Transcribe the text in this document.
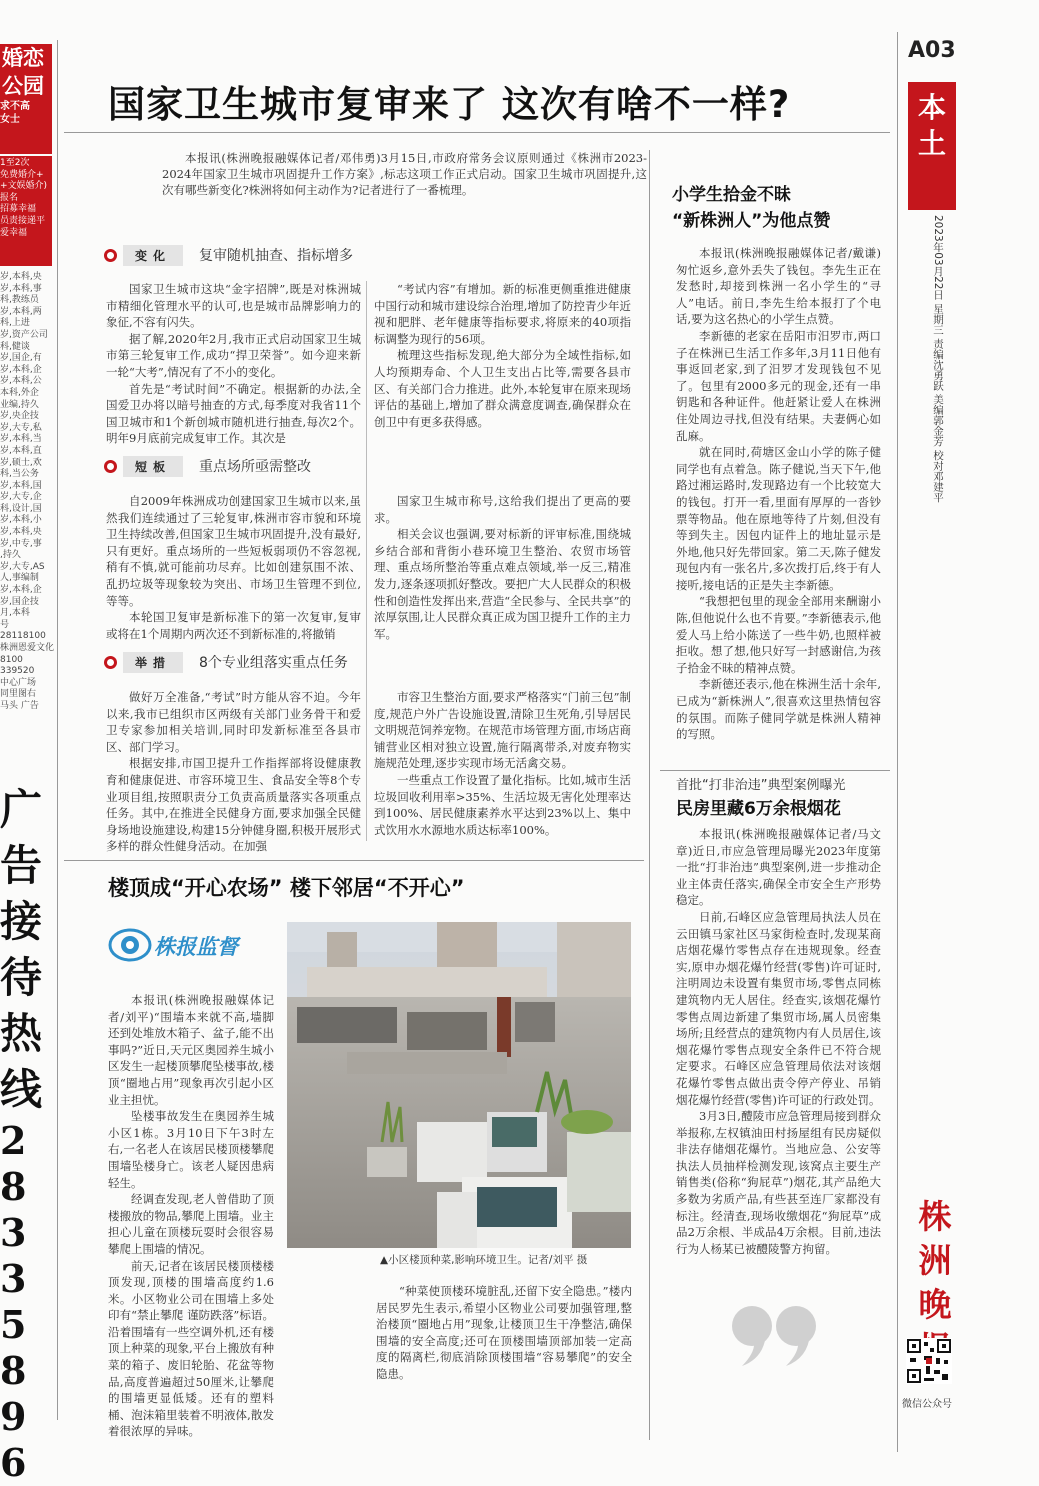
婚恋
公园
求不高
女士
1至2次
免费婚介+
+文娱婚介)
报名
招募幸福
员责接递平
爱幸福
岁,本科,央
岁,本科,事
科,教练员
岁,本科,两
科,上进
岁,资产公司
科,健谈
岁,国企,有
岁,本科,企
岁,本科,公
本科,外企
业编,持久
岁,央企技
岁,大专,私
岁,本科,当
岁,本科,直
岁,硕士,欢
科,当公务
岁,本科,国
岁,大专,企
科,设计,国
岁,本科,小
岁,本科,央
岁,中专,事
,持久
岁,大专,AS
人,事编制
岁,本科,企
岁,国企技
月,本科
号
28118100
株洲恩爱文化
8100
339520
中心广场
同里图右
马头 广告
广
告
接
待
热
线
28335896
A03
本土
2023年03月22日 星期三 责编沈勇跃 美编郭金芳 校对邓建平
株洲晚
微信公众号
国家卫生城市复审来了 这次有啥不一样?

本报讯(株洲晚报融媒体记者/邓伟勇)3月15日,市政府常务会议原则通过《株洲市2023-2024年国家卫生城市巩固提升工作方案》,标志这项工作正式启动。国家卫生城市巩固提升,这次有哪些新变化?株洲将如何主动作为?记者进行了一番梳理。

变化	复审随机抽查、指标增多

国家卫生城市这块“金字招牌”,既是对株洲城市精细化管理水平的认可,也是城市品牌影响力的象征,不容有闪失。

据了解,2020年2月,我市正式启动国家卫生城市第三轮复审工作,成功“捍卫荣誉”。如今迎来新一轮“大考”,情况有了不小的变化。

首先是“考试时间”不确定。根据新的办法,全国爱卫办将以暗号抽查的方式,每季度对我省11个国卫城市和1个新创城市随机进行抽查,每次2个。明年9月底前完成复审工作。其次是

“考试内容”有增加。新的标准更侧重推进健康中国行动和城市建设综合治理,增加了防控青少年近视和肥胖、老年健康等指标要求,将原来的40项指标调整为现行的56项。

梳理这些指标发现,绝大部分为全域性指标,如人均预期寿命、个人卫生支出占比等,需要各县市区、有关部门合力推进。此外,本轮复审在原来现场评估的基础上,增加了群众满意度调查,确保群众在创卫中有更多获得感。

短板	重点场所亟需整改

自2009年株洲成功创建国家卫生城市以来,虽然我们连续通过了三轮复审,株洲市容市貌和环境卫生持续改善,但国家卫生城市巩固提升,没有最好,只有更好。重点场所的一些短板弱项仍不容忽视,稍有不慎,就可能前功尽弃。比如创建氛围不浓、乱扔垃圾等现象较为突出、市场卫生管理不到位,等等。

本轮国卫复审是新标准下的第一次复审,复审或将在1个周期内两次还不到新标准的,将撤销

国家卫生城市称号,这给我们提出了更高的要求。

相关会议也强调,要对标新的评审标准,围绕城乡结合部和背街小巷环境卫生整治、农贸市场管理、重点场所整治等重点难点领域,举一反三,精准发力,逐条逐项抓好整改。要把广大人民群众的积极性和创造性发挥出来,营造“全民参与、全民共享”的浓厚氛围,让人民群众真正成为国卫提升工作的主力军。

举措	8个专业组落实重点任务

做好万全准备,“考试”时方能从容不迫。今年以来,我市已组织市区两级有关部门业务骨干和爱卫专家参加相关培训,同时印发新标准至各县市区、部门学习。

根据安排,市国卫提升工作指挥部将设健康教育和健康促进、市容环境卫生、食品安全等8个专业项目组,按照职责分工负责高质量落实各项重点任务。其中,在推进全民健身方面,要求加强全民健身场地设施建设,构建15分钟健身圈,积极开展形式多样的群众性健身活动。在加强

市容卫生整治方面,要求严格落实“门前三包”制度,规范户外广告设施设置,清除卫生死角,引导居民文明规范饲养宠物。在规范市场管理方面,市场店商铺营业区相对独立设置,施行隔离带杀,对废弃物实施规范处理,逐步实现市场无活禽交易。

一些重点工作设置了量化指标。比如,城市生活垃圾回收利用率>35%、生活垃圾无害化处理率达到100%、居民健康素养水平达到23%以上、集中式饮用水水源地水质达标率100%。

楼顶成“开心农场” 楼下邻居“不开心”
株报监督

本报讯(株洲晚报融媒体记者/刘平)“围墙本来就不高,墙脚还到处堆放木箱子、盆子,能不出事吗?”近日,天元区奥园养生城小区发生一起楼顶攀爬坠楼事故,楼顶“圈地占用”现象再次引起小区业主担忧。

坠楼事故发生在奥园养生城小区1栋。3月10日下午3时左右,一名老人在该居民楼顶楼攀爬围墙坠楼身亡。该老人疑因患病轻生。

经调查发现,老人曾借助了顶楼搬放的物品,攀爬上围墙。业主担心儿童在顶楼玩耍时会很容易攀爬上围墙的情况。

前天,记者在该居民楼顶楼楼顶发现,顶楼的围墙高度约1.6米。小区物业公司在围墙上多处印有“禁止攀爬 谨防跌落”标语。沿着围墙有一些空调外机,还有楼顶上种菜的现象,平台上搬放有种菜的箱子、废旧轮胎、花盆等物品,高度普遍超过50厘米,让攀爬的围墙更显低矮。还有的塑料桶、泡沫箱里装着不明液体,散发着很浓厚的异味。

“种菜使顶楼环境脏乱,还留下安全隐患。”楼内居民罗先生表示,希望小区物业公司要加强管理,整治楼顶“圈地占用”现象,让楼顶卫生干净整洁,确保围墙的安全高度;还可在顶楼围墙顶部加装一定高度的隔离栏,彻底消除顶楼围墙“容易攀爬”的安全隐患。

▲小区楼顶种菜,影响环境卫生。记者/刘平 摄
小学生拾金不昧
“新株洲人”为他点赞

本报讯(株洲晚报融媒体记者/戴谦)匆忙返乡,意外丢失了钱包。李先生正在发愁时,却接到株洲一名小学生的“寻人”电话。前日,李先生给本报打了个电话,要为这名热心的小学生点赞。

李新德的老家在岳阳市汨罗市,两口子在株洲已生活工作多年,3月11日他有事返回老家,到了汨罗才发现钱包不见了。包里有2000多元的现金,还有一串钥匙和各种证件。他赶紧让爱人在株洲住处周边寻找,但没有结果。夫妻俩心如乱麻。

就在同时,荷塘区金山小学的陈子健同学也有点着急。陈子健说,当天下午,他路过湘运路时,发现路边有一个比较宽大的钱包。打开一看,里面有厚厚的一沓钞票等物品。他在原地等待了片刻,但没有等到失主。因包内证件上的地址显示是外地,他只好先带回家。第二天,陈子健发现包内有一张名片,多次拨打后,终于有人接听,接电话的正是失主李新德。

“我想把包里的现金全部用来酬谢小陈,但他说什么也不肯要。”李新德表示,他爱人马上给小陈送了一些牛奶,也照样被拒收。想了想,他只好写一封感谢信,为孩子拾金不昧的精神点赞。

李新德还表示,他在株洲生活十余年,已成为“新株洲人”,很喜欢这里热情包容的氛围。而陈子健同学就是株洲人精神的写照。

首批“打非治违”典型案例曝光
民房里藏6万余根烟花

本报讯(株洲晚报融媒体记者/马文章)近日,市应急管理局曝光2023年度第一批“打非治违”典型案例,进一步推动企业主体责任落实,确保全市安全生产形势稳定。

日前,石峰区应急管理局执法人员在云田镇马家社区马家街检查时,发现某商店烟花爆竹零售点存在违规现象。经查实,原申办烟花爆竹经营(零售)许可证时,注明周边未设置有集贸市场,零售点同栋建筑物内无人居住。经查实,该烟花爆竹零售点周边新建了集贸市场,属人员密集场所;且经营点的建筑物内有人员居住,该烟花爆竹零售点现安全条件已不符合规定要求。石峰区应急管理局依法对该烟花爆竹零售点做出责令停产停业、吊销烟花爆竹经营(零售)许可证的行政处罚。

3月3日,醴陵市应急管理局接到群众举报称,左权镇油田村扬屋组有民房疑似非法存储烟花爆竹。当地应急、公安等执法人员抽样检测发现,该窝点主要生产销售类(俗称“狗屁草”)烟花,其产品绝大多数为劣质产品,有些甚至连厂家都没有标注。经清查,现场收缴烟花“狗屁草”成品2万余根、半成品4万余根。目前,违法行为人杨某已被醴陵警方拘留。
